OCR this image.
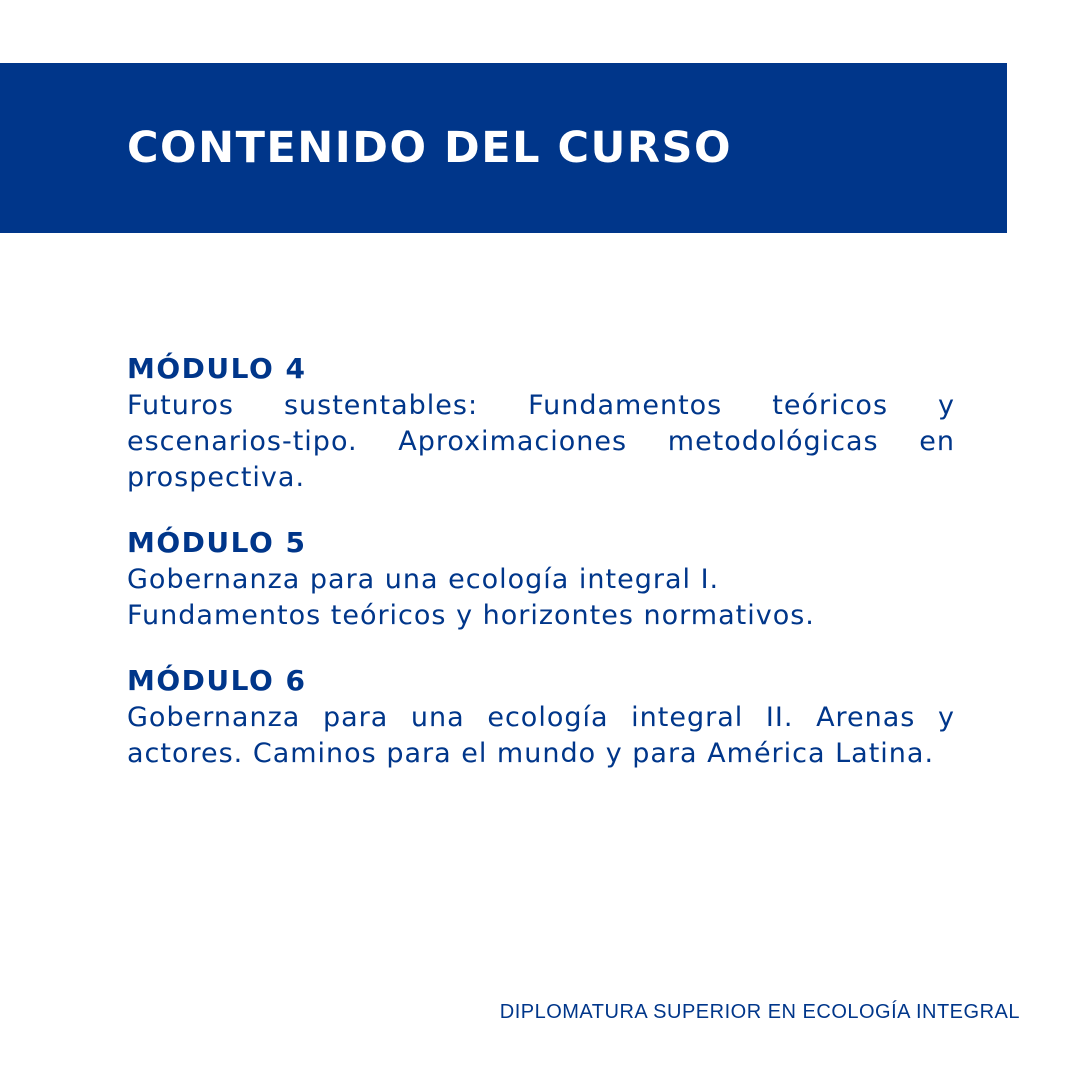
CONTENIDO DEL CURSO

MÓDULO 4

Futuros sustentables: Fundamentos teóricos y escenarios-tipo. Aproximaciones metodológicas en prospectiva.

MÓDULO 5

Gobernanza para una ecología integral I.
Fundamentos teóricos y horizontes normativos.

MÓDULO 6

Gobernanza para una ecología integral II. Arenas y actores. Caminos para el mundo y para América Latina.

DIPLOMATURA SUPERIOR EN ECOLOGÍA INTEGRAL
